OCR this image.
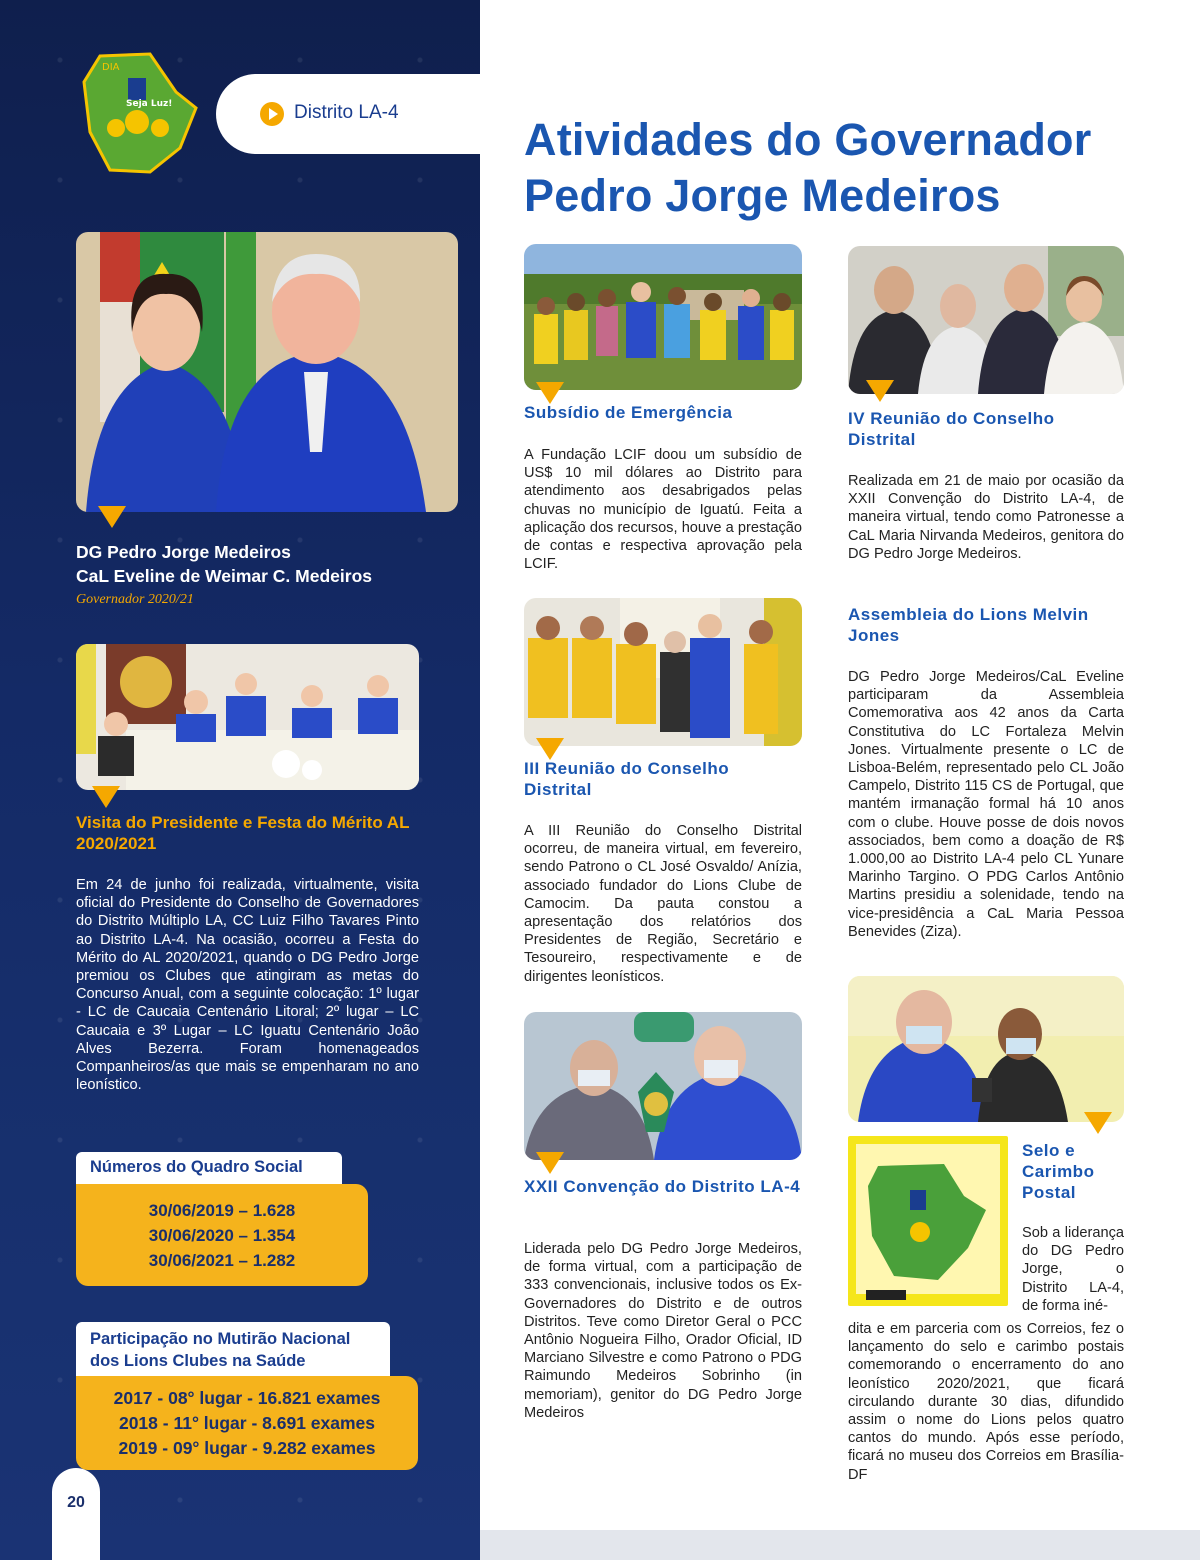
DIA
Seja Luz!	Distrito LA-4
DG Pedro Jorge Medeiros
CaL Eveline de Weimar C. Medeiros
Governador 2020/21
Visita do Presidente e Festa do Mérito AL 2020/2021
Em 24 de junho foi realizada, virtualmente, visita oficial do Presidente do Conselho de Governadores do Distrito Múltiplo LA, CC Luiz Filho Tavares Pinto ao Distrito LA-4. Na ocasião, ocorreu a Festa do Mérito do AL 2020/2021, quando o DG Pedro Jorge premiou os Clubes que atingiram as metas do Concurso Anual, com a seguinte colocação: 1º lugar - LC de Caucaia Centenário Litoral; 2º lugar – LC Caucaia e 3º Lugar – LC Iguatu Centenário João Alves Bezerra. Foram homenageados Companheiros/as que mais se empenharam no ano leonístico.
Números do Quadro Social
30/06/2019 – 1.628
30/06/2020 – 1.354
30/06/2021 – 1.282
Participação no Mutirão Nacional dos Lions Clubes na Saúde
2017 - 08° lugar - 16.821 exames
2018 - 11° lugar - 8.691 exames
2019 - 09° lugar - 9.282 exames
20
Atividades do Governador
Pedro Jorge Medeiros
Subsídio de Emergência
A Fundação LCIF doou um subsídio de US$ 10 mil dólares ao Distrito para atendimento aos desabrigados pelas chuvas no município de Iguatú. Feita a aplicação dos recursos, houve a prestação de contas e respectiva aprovação pela LCIF.
III Reunião do Conselho Distrital
A III Reunião do Conselho Distrital ocorreu, de maneira virtual, em fevereiro, sendo Patrono o CL José Osvaldo/ Anízia, associado fundador do Lions Clube de Camocim. Da pauta constou a apresentação dos relatórios dos Presidentes de Região, Secretário e Tesoureiro, respectivamente e de dirigentes leonísticos.
XXII Convenção do Distrito LA-4
Liderada pelo DG Pedro Jorge Medeiros, de forma virtual, com a participação de 333 convencionais, inclusive todos os Ex-Governadores do Distrito e de outros Distritos. Teve como Diretor Geral o PCC Antônio Nogueira Filho, Orador Oficial, ID Marciano Silvestre e como Patrono o PDG Raimundo Medeiros Sobrinho (in memoriam), genitor do DG Pedro Jorge Medeiros
IV Reunião do Conselho Distrital
Realizada em 21 de maio por ocasião da XXII Convenção do Distrito LA-4, de maneira virtual, tendo como Patronesse a CaL Maria Nirvanda Medeiros, genitora do DG Pedro Jorge Medeiros.
Assembleia do Lions Melvin Jones
DG Pedro Jorge Medeiros/CaL Eveline participaram da Assembleia Comemorativa aos 42 anos da Carta Constitutiva do LC Fortaleza Melvin Jones. Virtualmente presente o LC de Lisboa-Belém, representado pelo CL João Campelo, Distrito 115 CS de Portugal, que mantém irmanação formal há 10 anos com o clube. Houve posse de dois novos associados, bem como a doação de R$ 1.000,00 ao Distrito LA-4 pelo CL Yunare Marinho Targino. O PDG Carlos Antônio Martins presidiu a solenidade, tendo na vice-presidência a CaL Maria Pessoa Benevides (Ziza).
Selo e Carimbo Postal
Sob a liderança do DG Pedro Jorge, o Distrito LA-4, de forma iné-
dita e em parceria com os Correios, fez o lançamento do selo e carimbo postais comemorando o encerramento do ano leonístico 2020/2021, que ficará circulando durante 30 dias, difundido assim o nome do Lions pelos quatro cantos do mundo. Após esse período, ficará no museu dos Correios em Brasília-DF
